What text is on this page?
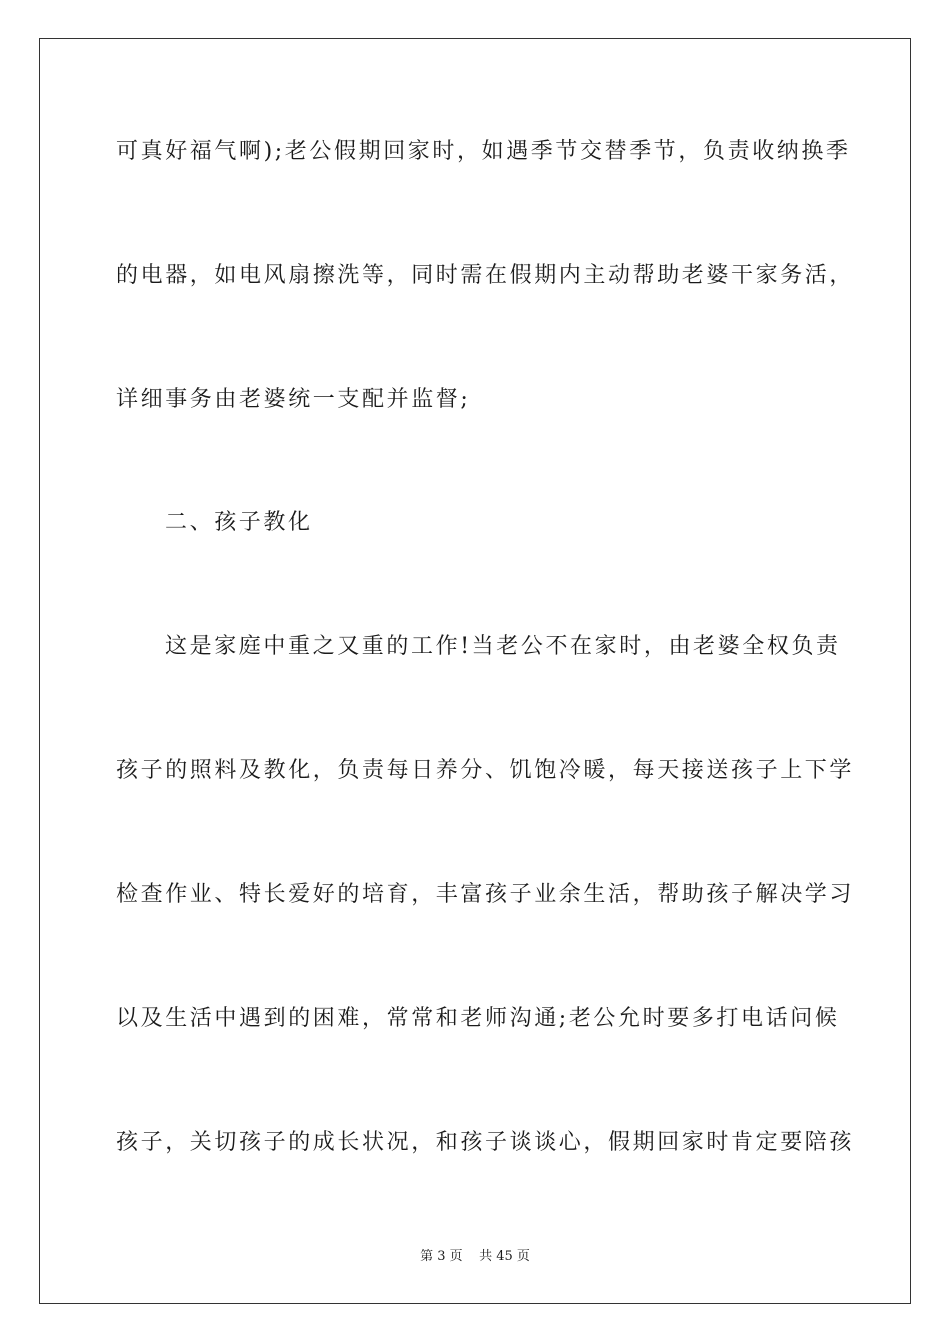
可真好福气啊);老公假期回家时，如遇季节交替季节，负责收纳换季
的电器，如电风扇擦洗等，同时需在假期内主动帮助老婆干家务活，
详细事务由老婆统一支配并监督;
二、孩子教化
这是家庭中重之又重的工作!当老公不在家时，由老婆全权负责
孩子的照料及教化，负责每日养分、饥饱冷暖，每天接送孩子上下学
检查作业、特长爱好的培育，丰富孩子业余生活，帮助孩子解决学习
以及生活中遇到的困难，常常和老师沟通;老公允时要多打电话问候
孩子，关切孩子的成长状况，和孩子谈谈心，假期回家时肯定要陪孩
第 3 页    共 45 页
